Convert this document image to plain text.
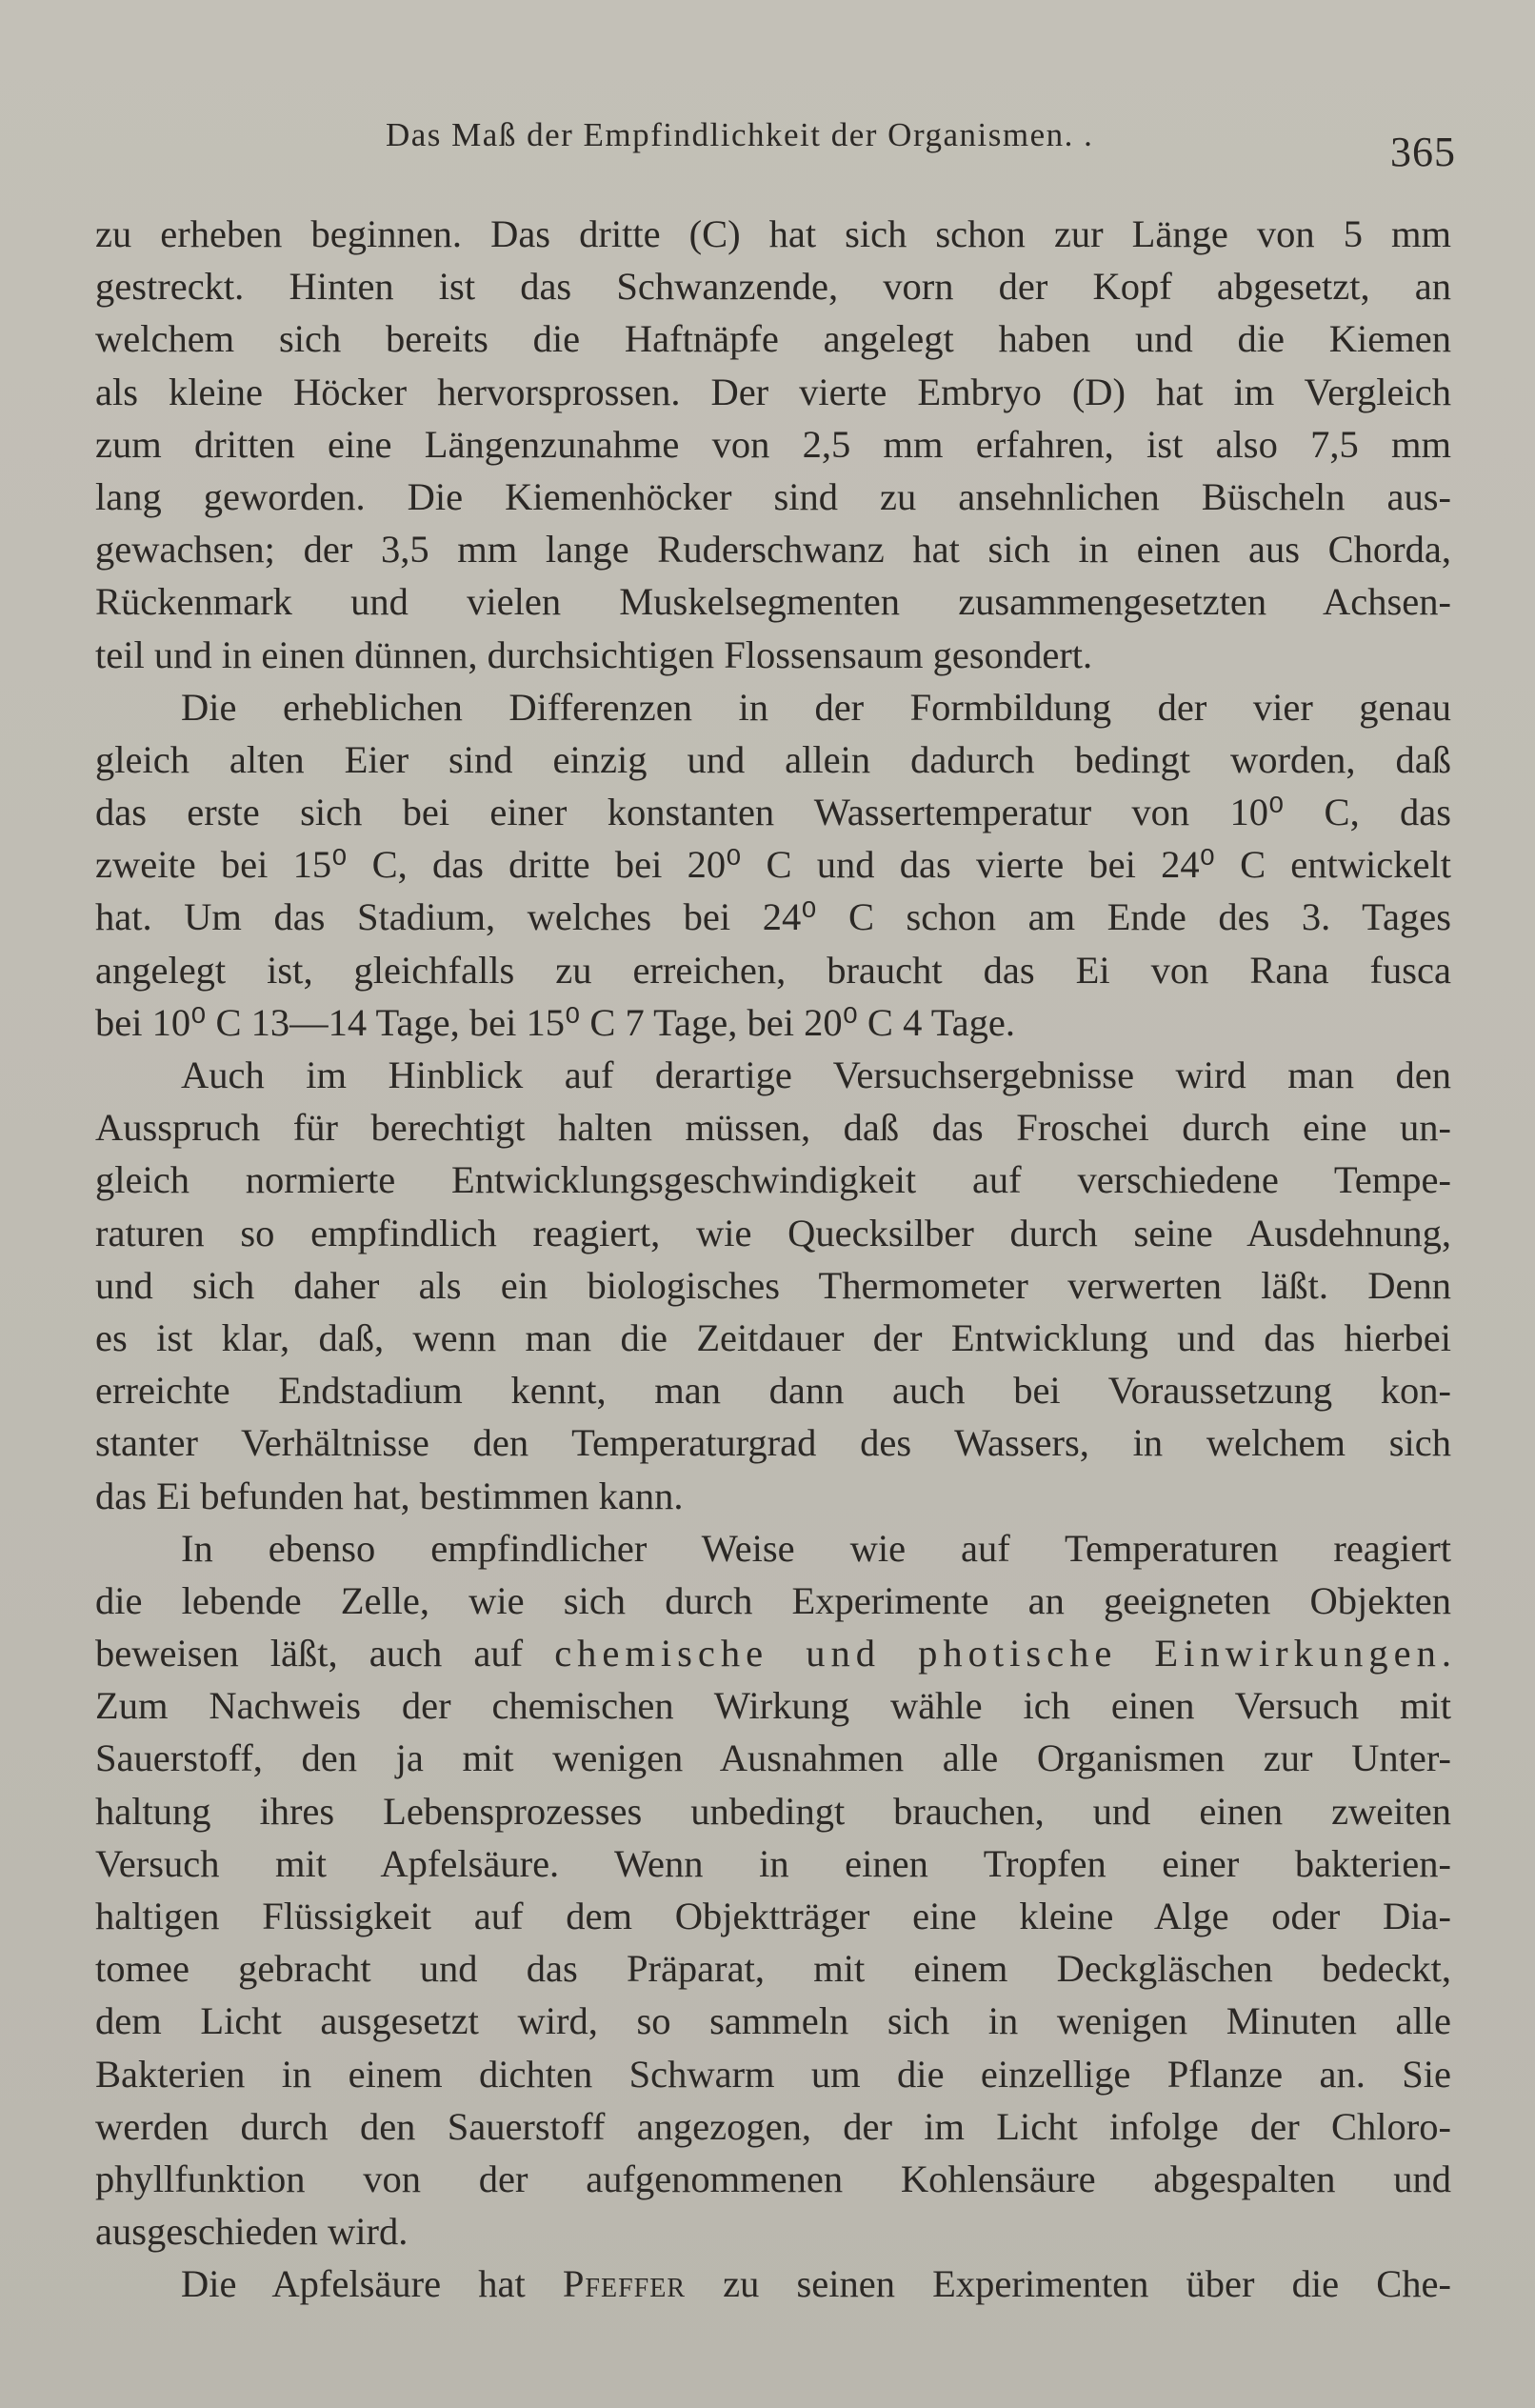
Das Maß der Empfindlichkeit der Organismen. .	365
zu erheben beginnen. Das dritte (C) hat sich schon zur Länge von 5 mm
gestreckt. Hinten ist das Schwanzende, vorn der Kopf abgesetzt, an
welchem sich bereits die Haftnäpfe angelegt haben und die Kiemen
als kleine Höcker hervorsprossen. Der vierte Embryo (D) hat im Vergleich
zum dritten eine Längenzunahme von 2,5 mm erfahren, ist also 7,5 mm
lang geworden. Die Kiemenhöcker sind zu ansehnlichen Büscheln aus-
gewachsen; der 3,5 mm lange Ruderschwanz hat sich in einen aus Chorda,
Rückenmark und vielen Muskelsegmenten zusammengesetzten Achsen-
teil und in einen dünnen, durchsichtigen Flossensaum gesondert.
Die erheblichen Differenzen in der Formbildung der vier genau
gleich alten Eier sind einzig und allein dadurch bedingt worden, daß
das erste sich bei einer konstanten Wassertemperatur von 10⁰ C, das
zweite bei 15⁰ C, das dritte bei 20⁰ C und das vierte bei 24⁰ C entwickelt
hat. Um das Stadium, welches bei 24⁰ C schon am Ende des 3. Tages
angelegt ist, gleichfalls zu erreichen, braucht das Ei von Rana fusca
bei 10⁰ C 13—14 Tage, bei 15⁰ C 7 Tage, bei 20⁰ C 4 Tage.
Auch im Hinblick auf derartige Versuchsergebnisse wird man den
Ausspruch für berechtigt halten müssen, daß das Froschei durch eine un-
gleich normierte Entwicklungsgeschwindigkeit auf verschiedene Tempe-
raturen so empfindlich reagiert, wie Quecksilber durch seine Ausdehnung,
und sich daher als ein biologisches Thermometer verwerten läßt. Denn
es ist klar, daß, wenn man die Zeitdauer der Entwicklung und das hierbei
erreichte Endstadium kennt, man dann auch bei Voraussetzung kon-
stanter Verhältnisse den Temperaturgrad des Wassers, in welchem sich
das Ei befunden hat, bestimmen kann.
In ebenso empfindlicher Weise wie auf Temperaturen reagiert
die lebende Zelle, wie sich durch Experimente an geeigneten Objekten
beweisen läßt, auch auf chemische und photische Einwirkungen.
Zum Nachweis der chemischen Wirkung wähle ich einen Versuch mit
Sauerstoff, den ja mit wenigen Ausnahmen alle Organismen zur Unter-
haltung ihres Lebensprozesses unbedingt brauchen, und einen zweiten
Versuch mit Apfelsäure. Wenn in einen Tropfen einer bakterien-
haltigen Flüssigkeit auf dem Objektträger eine kleine Alge oder Dia-
tomee gebracht und das Präparat, mit einem Deckgläschen bedeckt,
dem Licht ausgesetzt wird, so sammeln sich in wenigen Minuten alle
Bakterien in einem dichten Schwarm um die einzellige Pflanze an. Sie
werden durch den Sauerstoff angezogen, der im Licht infolge der Chloro-
phyllfunktion von der aufgenommenen Kohlensäure abgespalten und
ausgeschieden wird.
Die Apfelsäure hat Pfeffer zu seinen Experimenten über die Che-
